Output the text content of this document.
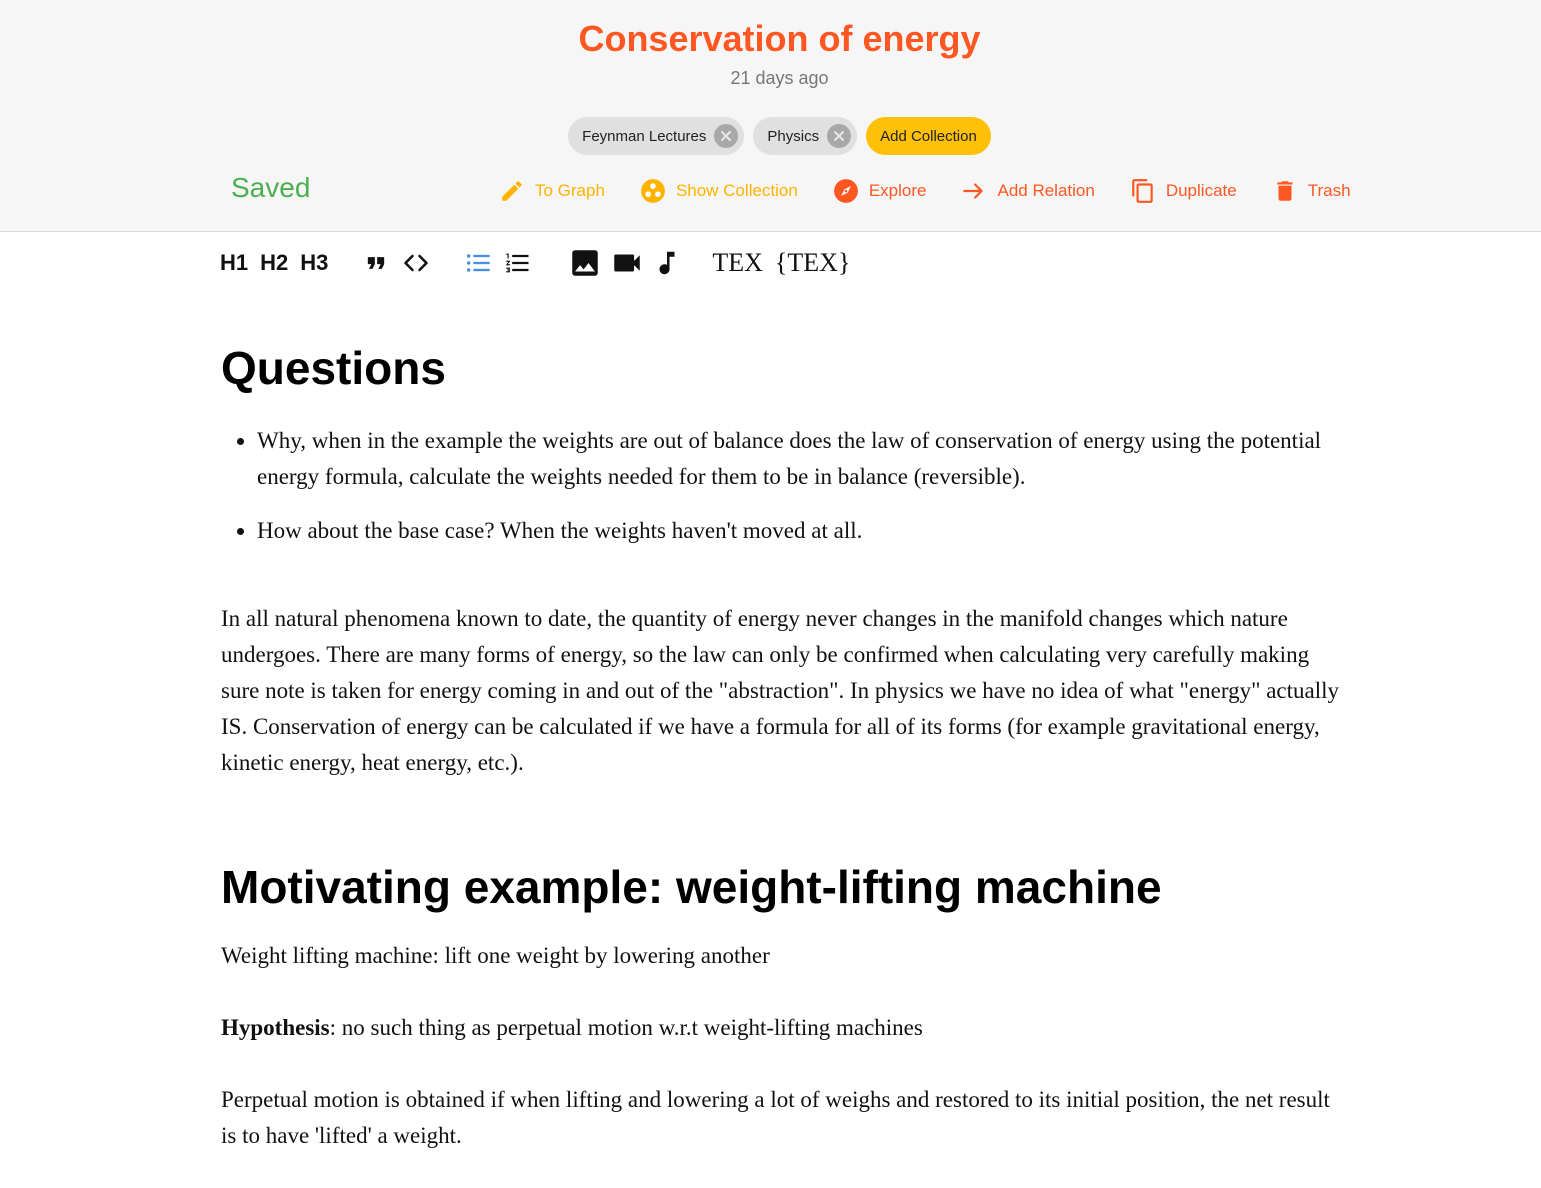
Conservation of energy
21 days ago
Feynman Lectures	Physics	Add Collection
Saved	To Graph	Show Collection	Explore	Add Relation	Duplicate	Trash
H1 H2 H3	TEX {TEX}
Questions
• Why, when in the example the weights are out of balance does the law of conservation of energy using the potential energy formula, calculate the weights needed for them to be in balance (reversible).
• How about the base case? When the weights haven't moved at all.

In all natural phenomena known to date, the quantity of energy never changes in the manifold changes which nature undergoes. There are many forms of energy, so the law can only be confirmed when calculating very carefully making sure note is taken for energy coming in and out of the "abstraction". In physics we have no idea of what "energy" actually IS. Conservation of energy can be calculated if we have a formula for all of its forms (for example gravitational energy, kinetic energy, heat energy, etc.).

Motivating example: weight-lifting machine

Weight lifting machine: lift one weight by lowering another

Hypothesis: no such thing as perpetual motion w.r.t weight-lifting machines

Perpetual motion is obtained if when lifting and lowering a lot of weighs and restored to its initial position, the net result is to have 'lifted' a weight.
